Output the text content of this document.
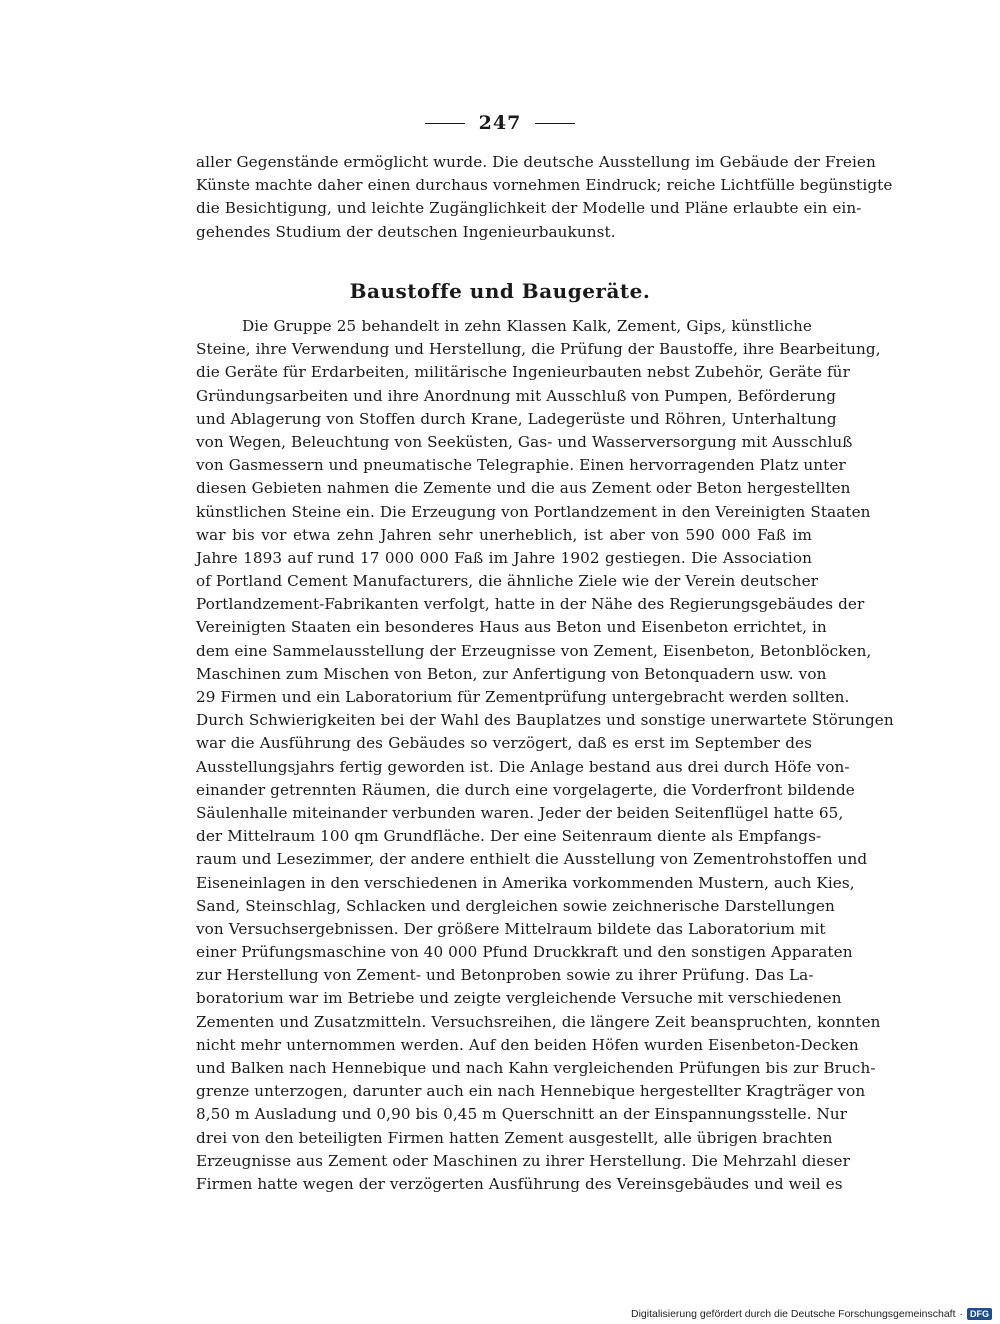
247
aller Gegenstände ermöglicht wurde. Die deutsche Ausstellung im Gebäude der Freien
Künste machte daher einen durchaus vornehmen Eindruck; reiche Lichtfülle begünstigte
die Besichtigung, und leichte Zugänglichkeit der Modelle und Pläne erlaubte ein ein-
gehendes Studium der deutschen Ingenieurbaukunst.
Baustoffe und Baugeräte.
Die Gruppe 25 behandelt in zehn Klassen Kalk, Zement, Gips, künstliche
Steine, ihre Verwendung und Herstellung, die Prüfung der Baustoffe, ihre Bearbeitung,
die Geräte für Erdarbeiten, militärische Ingenieurbauten nebst Zubehör, Geräte für
Gründungsarbeiten und ihre Anordnung mit Ausschluß von Pumpen, Beförderung
und Ablagerung von Stoffen durch Krane, Ladegerüste und Röhren, Unterhaltung
von Wegen, Beleuchtung von Seeküsten, Gas- und Wasserversorgung mit Ausschluß
von Gasmessern und pneumatische Telegraphie. Einen hervorragenden Platz unter
diesen Gebieten nahmen die Zemente und die aus Zement oder Beton hergestellten
künstlichen Steine ein. Die Erzeugung von Portlandzement in den Vereinigten Staaten
war bis vor etwa zehn Jahren sehr unerheblich, ist aber von 590 000 Faß im
Jahre 1893 auf rund 17 000 000 Faß im Jahre 1902 gestiegen. Die Association
of Portland Cement Manufacturers, die ähnliche Ziele wie der Verein deutscher
Portlandzement-Fabrikanten verfolgt, hatte in der Nähe des Regierungsgebäudes der
Vereinigten Staaten ein besonderes Haus aus Beton und Eisenbeton errichtet, in
dem eine Sammelausstellung der Erzeugnisse von Zement, Eisenbeton, Betonblöcken,
Maschinen zum Mischen von Beton, zur Anfertigung von Betonquadern usw. von
29 Firmen und ein Laboratorium für Zementprüfung untergebracht werden sollten.
Durch Schwierigkeiten bei der Wahl des Bauplatzes und sonstige unerwartete Störungen
war die Ausführung des Gebäudes so verzögert, daß es erst im September des
Ausstellungsjahrs fertig geworden ist. Die Anlage bestand aus drei durch Höfe von-
einander getrennten Räumen, die durch eine vorgelagerte, die Vorderfront bildende
Säulenhalle miteinander verbunden waren. Jeder der beiden Seitenflügel hatte 65,
der Mittelraum 100 qm Grundfläche. Der eine Seitenraum diente als Empfangs-
raum und Lesezimmer, der andere enthielt die Ausstellung von Zementrohstoffen und
Eiseneinlagen in den verschiedenen in Amerika vorkommenden Mustern, auch Kies,
Sand, Steinschlag, Schlacken und dergleichen sowie zeichnerische Darstellungen
von Versuchsergebnissen. Der größere Mittelraum bildete das Laboratorium mit
einer Prüfungsmaschine von 40 000 Pfund Druckkraft und den sonstigen Apparaten
zur Herstellung von Zement- und Betonproben sowie zu ihrer Prüfung. Das La-
boratorium war im Betriebe und zeigte vergleichende Versuche mit verschiedenen
Zementen und Zusatzmitteln. Versuchsreihen, die längere Zeit beanspruchten, konnten
nicht mehr unternommen werden. Auf den beiden Höfen wurden Eisenbeton-Decken
und Balken nach Hennebique und nach Kahn vergleichenden Prüfungen bis zur Bruch-
grenze unterzogen, darunter auch ein nach Hennebique hergestellter Kragträger von
8,50 m Ausladung und 0,90 bis 0,45 m Querschnitt an der Einspannungsstelle. Nur
drei von den beteiligten Firmen hatten Zement ausgestellt, alle übrigen brachten
Erzeugnisse aus Zement oder Maschinen zu ihrer Herstellung. Die Mehrzahl dieser
Firmen hatte wegen der verzögerten Ausführung des Vereinsgebäudes und weil es
Digitalisierung gefördert durch die Deutsche Forschungsgemeinschaft · DFG
